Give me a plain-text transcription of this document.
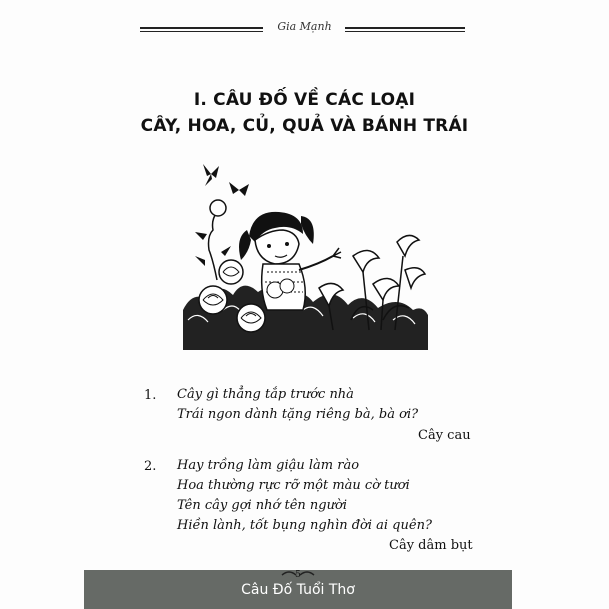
Gia Mạnh
I. CÂU ĐỐ VỀ CÁC LOẠI
CÂY, HOA, CỦ, QUẢ VÀ BÁNH TRÁI
1. Cây gì thẳng tắp trước nhà
Trái ngon dành tặng riêng bà, bà ơi?
Cây cau
2. Hay trồng làm giậu làm rào
Hoa thường rực rỡ một màu cờ tươi
Tên cây gợi nhớ tên người
Hiền lành, tốt bụng nghìn đời ai quên?
Cây dâm bụt
5
Câu Đố Tuổi Thơ
